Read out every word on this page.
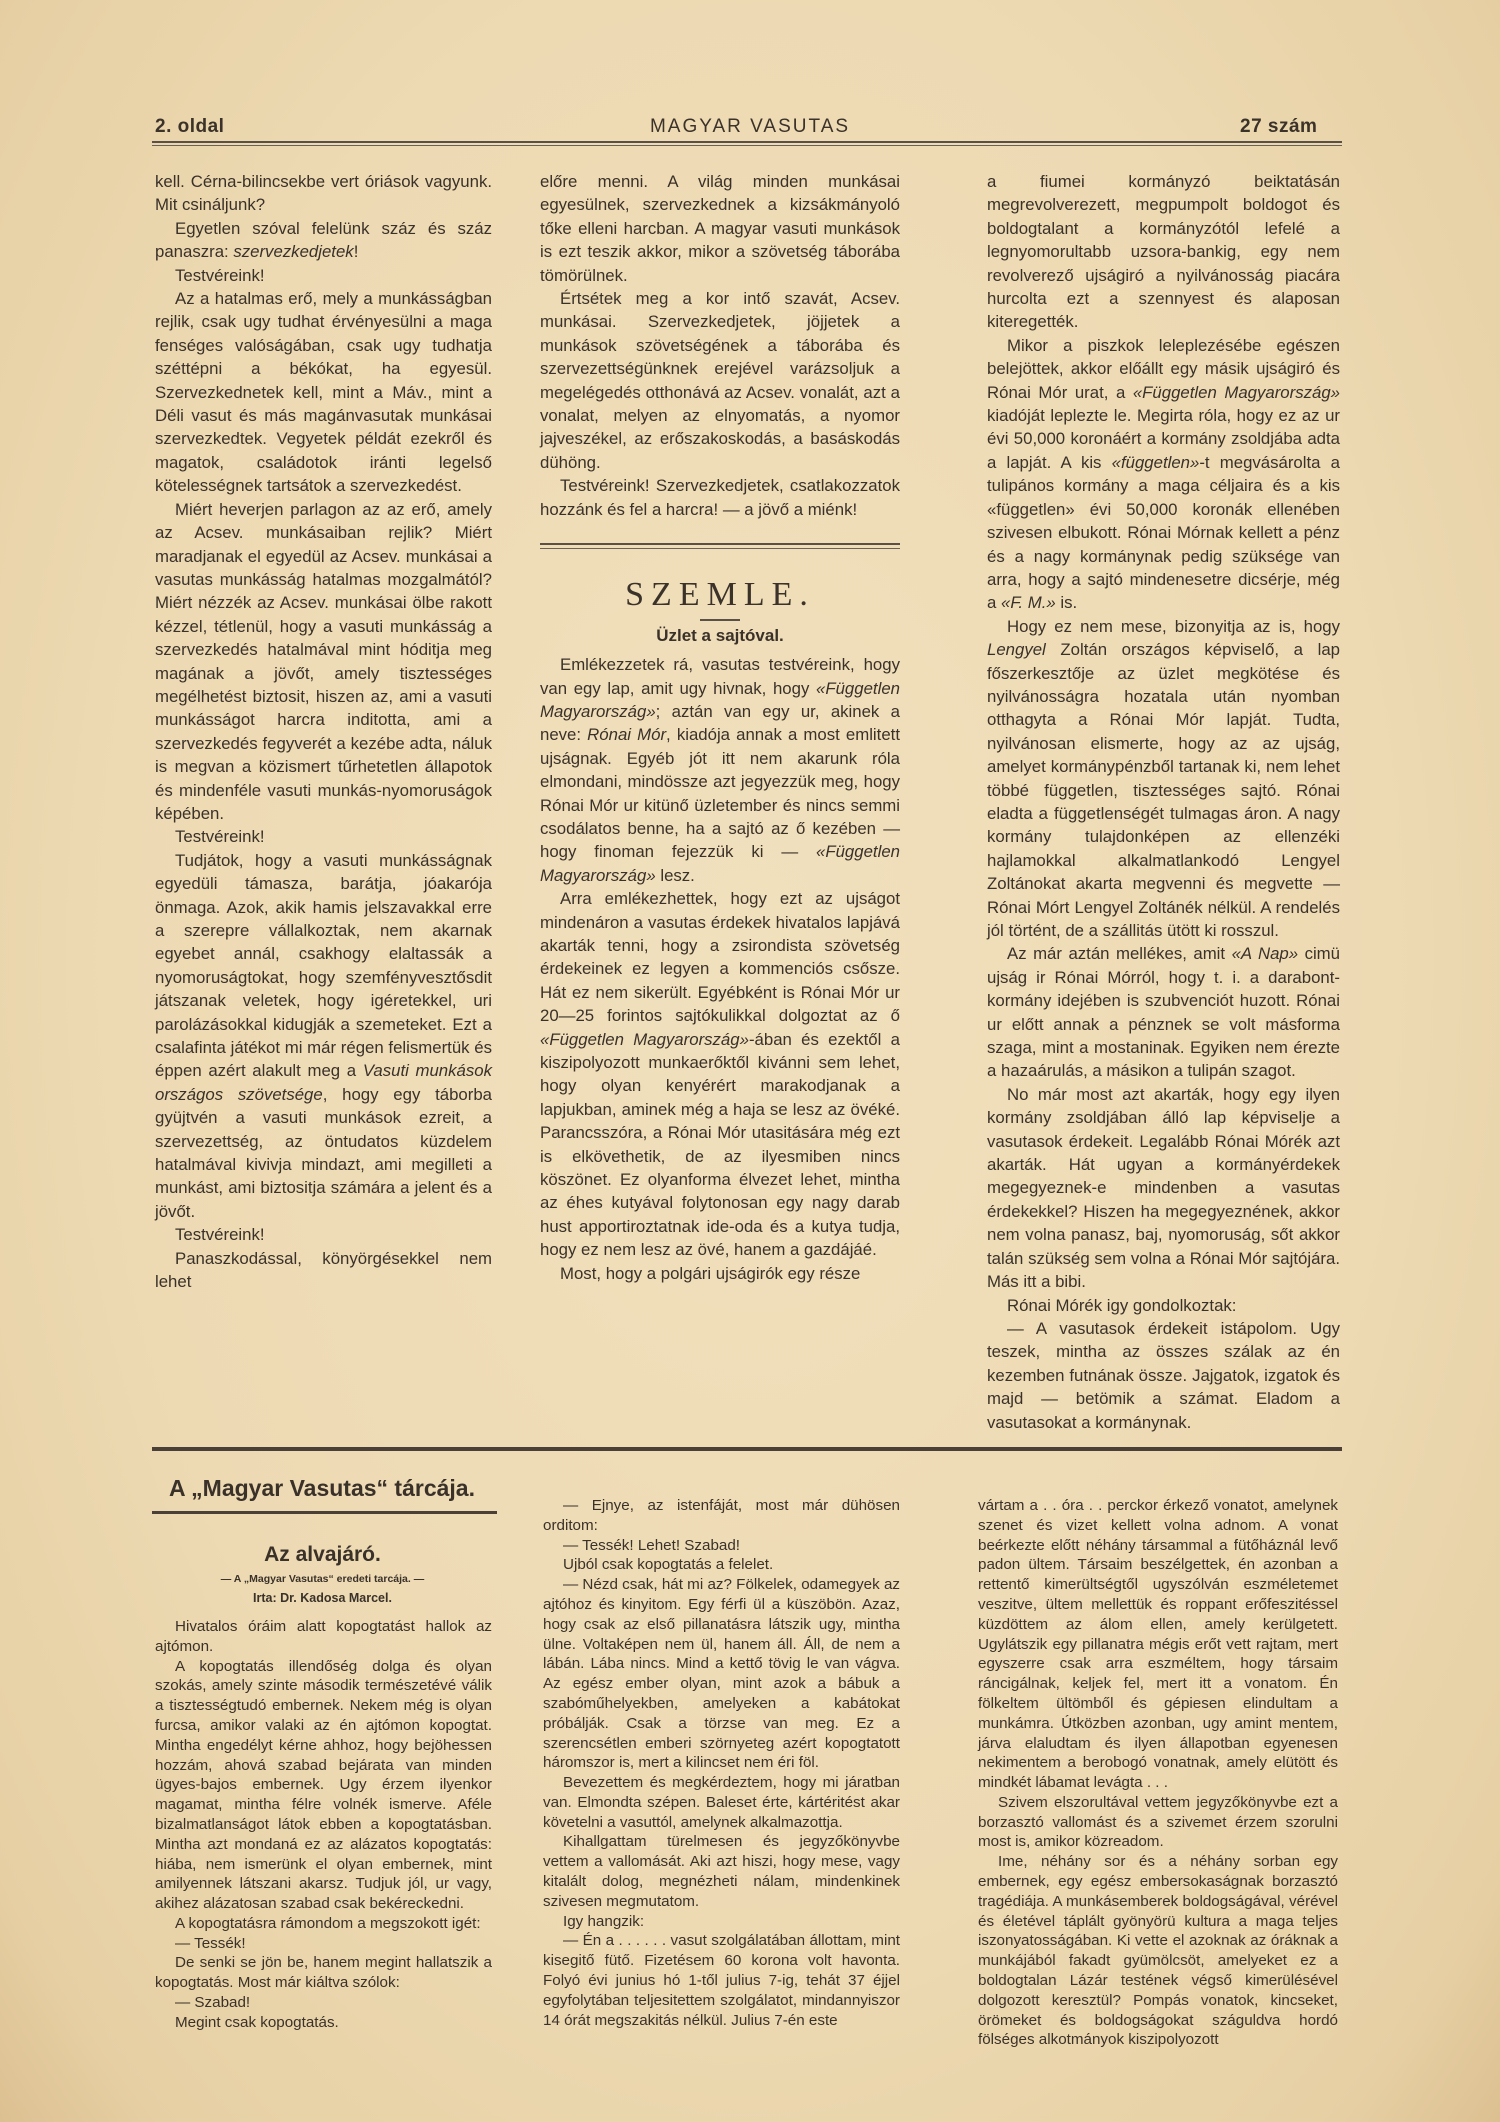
2. oldal	MAGYAR VASUTAS	27 szám

kell. Cérna-bilincsekbe vert óriások vagyunk. Mit csináljunk?

Egyetlen szóval felelünk száz és száz panaszra: szervezkedjetek!

Testvéreink!

Az a hatalmas erő, mely a munkásságban rejlik, csak ugy tudhat érvényesülni a maga fenséges valóságában, csak ugy tudhatja széttépni a békókat, ha egyesül. Szervezkednetek kell, mint a Máv., mint a Déli vasut és más magánvasutak munkásai szervezkedtek. Vegyetek példát ezekről és magatok, családotok iránti legelső kötelességnek tartsátok a szervezkedést.

Miért heverjen parlagon az az erő, amely az Acsev. munkásaiban rejlik? Miért maradjanak el egyedül az Acsev. munkásai a vasutas munkásság hatalmas mozgalmától? Miért nézzék az Acsev. munkásai ölbe rakott kézzel, tétlenül, hogy a vasuti munkásság a szervezkedés hatalmával mint hóditja meg magának a jövőt, amely tisztességes megélhetést biztosit, hiszen az, ami a vasuti munkásságot harcra inditotta, ami a szervezkedés fegyverét a kezébe adta, náluk is megvan a közismert tűrhetetlen állapotok és mindenféle vasuti munkás-nyomoruságok képében.

Testvéreink!

Tudjátok, hogy a vasuti munkásságnak egyedüli támasza, barátja, jóakarója önmaga. Azok, akik hamis jelszavakkal erre a szerepre vállalkoztak, nem akarnak egyebet annál, csakhogy elaltassák a nyomoruságtokat, hogy szemfényvesztősdit játszanak veletek, hogy igéretekkel, uri parolázásokkal kidugják a szemeteket. Ezt a csalafinta játékot mi már régen felismertük és éppen azért alakult meg a Vasuti munkások országos szövetsége, hogy egy táborba gyüjtvén a vasuti munkások ezreit, a szervezettség, az öntudatos küzdelem hatalmával kivivja mindazt, ami megilleti a munkást, ami biztositja számára a jelent és a jövőt.

Testvéreink!

Panaszkodással, könyörgésekkel nem lehet

előre menni. A világ minden munkásai egyesülnek, szervezkednek a kizsákmányoló tőke elleni harcban. A magyar vasuti munkások is ezt teszik akkor, mikor a szövetség táborába tömörülnek.

Értsétek meg a kor intő szavát, Acsev. munkásai. Szervezkedjetek, jöjjetek a munkások szövetségének a táborába és szervezettségünknek erejével varázsoljuk a megelégedés otthonává az Acsev. vonalát, azt a vonalat, melyen az elnyomatás, a nyomor jajveszékel, az erőszakoskodás, a basáskodás dühöng.

Testvéreink! Szervezkedjetek, csatlakozzatok hozzánk és fel a harcra! — a jövő a miénk!

SZEMLE.
Üzlet a sajtóval.

Emlékezzetek rá, vasutas testvéreink, hogy van egy lap, amit ugy hivnak, hogy «Független Magyarország»; aztán van egy ur, akinek a neve: Rónai Mór, kiadója annak a most emlitett ujságnak. Egyéb jót itt nem akarunk róla elmondani, mindössze azt jegyezzük meg, hogy Rónai Mór ur kitünő üzletember és nincs semmi csodálatos benne, ha a sajtó az ő kezében — hogy finoman fejezzük ki — «Független Magyarország» lesz.

Arra emlékezhettek, hogy ezt az ujságot mindenáron a vasutas érdekek hivatalos lapjává akarták tenni, hogy a zsirondista szövetség érdekeinek ez legyen a kommenciós csősze. Hát ez nem sikerült. Egyébként is Rónai Mór ur 20—25 forintos sajtókulikkal dolgoztat az ő «Független Magyarország»-ában és ezektől a kiszipolyozott munkaerőktől kivánni sem lehet, hogy olyan kenyérért marakodjanak a lapjukban, aminek még a haja se lesz az övéké. Parancsszóra, a Rónai Mór utasitására még ezt is elkövethetik, de az ilyesmiben nincs köszönet. Ez olyanforma élvezet lehet, mintha az éhes kutyával folytonosan egy nagy darab hust apportiroztatnak ide-oda és a kutya tudja, hogy ez nem lesz az övé, hanem a gazdájáé.

Most, hogy a polgári ujságirók egy része

a fiumei kormányzó beiktatásán megrevolverezett, megpumpolt boldogot és boldogtalant a kormányzótól lefelé a legnyomorultabb uzsora-bankig, egy nem revolverező ujságiró a nyilvánosság piacára hurcolta ezt a szennyest és alaposan kiteregették.

Mikor a piszkok leleplezésébe egészen belejöttek, akkor előállt egy másik ujságiró és Rónai Mór urat, a «Független Magyarország» kiadóját leplezte le. Megirta róla, hogy ez az ur évi 50,000 koronáért a kormány zsoldjába adta a lapját. A kis «független»-t megvásárolta a tulipános kormány a maga céljaira és a kis «független» évi 50,000 koronák ellenében szivesen elbukott. Rónai Mórnak kellett a pénz és a nagy kormánynak pedig szüksége van arra, hogy a sajtó mindenesetre dicsérje, még a «F. M.» is.

Hogy ez nem mese, bizonyitja az is, hogy Lengyel Zoltán országos képviselő, a lap főszerkesztője az üzlet megkötése és nyilvánosságra hozatala után nyomban otthagyta a Rónai Mór lapját. Tudta, nyilvánosan elismerte, hogy az az ujság, amelyet kormánypénzből tartanak ki, nem lehet többé független, tisztességes sajtó. Rónai eladta a függetlenségét tulmagas áron. A nagy kormány tulajdonképen az ellenzéki hajlamokkal alkalmatlankodó Lengyel Zoltánokat akarta megvenni és megvette — Rónai Mórt Lengyel Zoltánék nélkül. A rendelés jól történt, de a szállitás ütött ki rosszul.

Az már aztán mellékes, amit «A Nap» cimü ujság ir Rónai Mórról, hogy t. i. a darabont-kormány idejében is szubvenciót huzott. Rónai ur előtt annak a pénznek se volt másforma szaga, mint a mostaninak. Egyiken nem érezte a hazaárulás, a másikon a tulipán szagot.

No már most azt akarták, hogy egy ilyen kormány zsoldjában álló lap képviselje a vasutasok érdekeit. Legalább Rónai Mórék azt akarták. Hát ugyan a kormányérdekek megegyeznek-e mindenben a vasutas érdekekkel? Hiszen ha megegyeznének, akkor nem volna panasz, baj, nyomoruság, sőt akkor talán szükség sem volna a Rónai Mór sajtójára. Más itt a bibi.

Rónai Mórék igy gondolkoztak:

— A vasutasok érdekeit istápolom. Ugy teszek, mintha az összes szálak az én kezemben futnának össze. Jajgatok, izgatok és majd — betömik a számat. Eladom a vasutasokat a kormánynak.

A „Magyar Vasutas“ tárcája.
Az alvajáró.
— A „Magyar Vasutas“ eredeti tarcája. —
Irta: Dr. Kadosa Marcel.

Hivatalos óráim alatt kopogtatást hallok az ajtómon.

A kopogtatás illendőség dolga és olyan szokás, amely szinte második természetévé válik a tisztességtudó embernek. Nekem még is olyan furcsa, amikor valaki az én ajtómon kopogtat. Mintha engedélyt kérne ahhoz, hogy bejöhessen hozzám, ahová szabad bejárata van minden ügyes-bajos embernek. Ugy érzem ilyenkor magamat, mintha félre volnék ismerve. Aféle bizalmatlanságot látok ebben a kopogtatásban. Mintha azt mondaná ez az alázatos kopogtatás: hiába, nem ismerünk el olyan embernek, mint amilyennek látszani akarsz. Tudjuk jól, ur vagy, akihez alázatosan szabad csak bekéreckedni.

A kopogtatásra rámondom a megszokott igét:

— Tessék!

De senki se jön be, hanem megint hallatszik a kopogtatás. Most már kiáltva szólok:

— Szabad!

Megint csak kopogtatás.

— Ejnye, az istenfáját, most már dühösen orditom:

— Tessék! Lehet! Szabad!

Ujból csak kopogtatás a felelet.

— Nézd csak, hát mi az? Fölkelek, odamegyek az ajtóhoz és kinyitom. Egy férfi ül a küszöbön. Azaz, hogy csak az első pillanatásra látszik ugy, mintha ülne. Voltaképen nem ül, hanem áll. Áll, de nem a lábán. Lába nincs. Mind a kettő tövig le van vágva. Az egész ember olyan, mint azok a bábuk a szabóműhelyekben, amelyeken a kabátokat próbálják. Csak a törzse van meg. Ez a szerencsétlen emberi szörnyeteg azért kopogtatott háromszor is, mert a kilincset nem éri föl.

Bevezettem és megkérdeztem, hogy mi járatban van. Elmondta szépen. Baleset érte, kártéritést akar követelni a vasuttól, amelynek alkalmazottja.

Kihallgattam türelmesen és jegyzőkönyvbe vettem a vallomását. Aki azt hiszi, hogy mese, vagy kitalált dolog, megnézheti nálam, mindenkinek szivesen megmutatom.

Igy hangzik:

— Én a . . . . . . vasut szolgálatában állottam, mint kisegitő fütő. Fizetésem 60 korona volt havonta. Folyó évi junius hó 1-től julius 7-ig, tehát 37 éjjel egyfolytában teljesitettem szolgálatot, mindannyiszor 14 órát megszakitás nélkül. Julius 7-én este

vártam a . . óra . . perckor érkező vonatot, amelynek szenet és vizet kellett volna adnom. A vonat beérkezte előtt néhány társammal a fütőháznál levő padon ültem. Társaim beszélgettek, én azonban a rettentő kimerültségtől ugyszólván eszméletemet veszitve, ültem mellettük és roppant erőfeszitéssel küzdöttem az álom ellen, amely kerülgetett. Ugylátszik egy pillanatra mégis erőt vett rajtam, mert egyszerre csak arra eszméltem, hogy társaim ráncigálnak, keljek fel, mert itt a vonatom. Én fölkeltem ültömből és gépiesen elindultam a munkámra. Útközben azonban, ugy amint mentem, járva elaludtam és ilyen állapotban egyenesen nekimentem a berobogó vonatnak, amely elütött és mindkét lábamat levágta . . .

Szivem elszorultával vettem jegyzőkönyvbe ezt a borzasztó vallomást és a szivemet érzem szorulni most is, amikor közreadom.

Ime, néhány sor és a néhány sorban egy embernek, egy egész embersokaságnak borzasztó tragédiája. A munkásemberek boldogságával, vérével és életével táplált gyönyörü kultura a maga teljes iszonyatosságában. Ki vette el azoknak az óráknak a munkájából fakadt gyümölcsöt, amelyeket ez a boldogtalan Lázár testének végső kimerülésével dolgozott keresztül? Pompás vonatok, kincseket, örömeket és boldogságokat száguldva hordó fölséges alkotmányok kiszipolyozott
